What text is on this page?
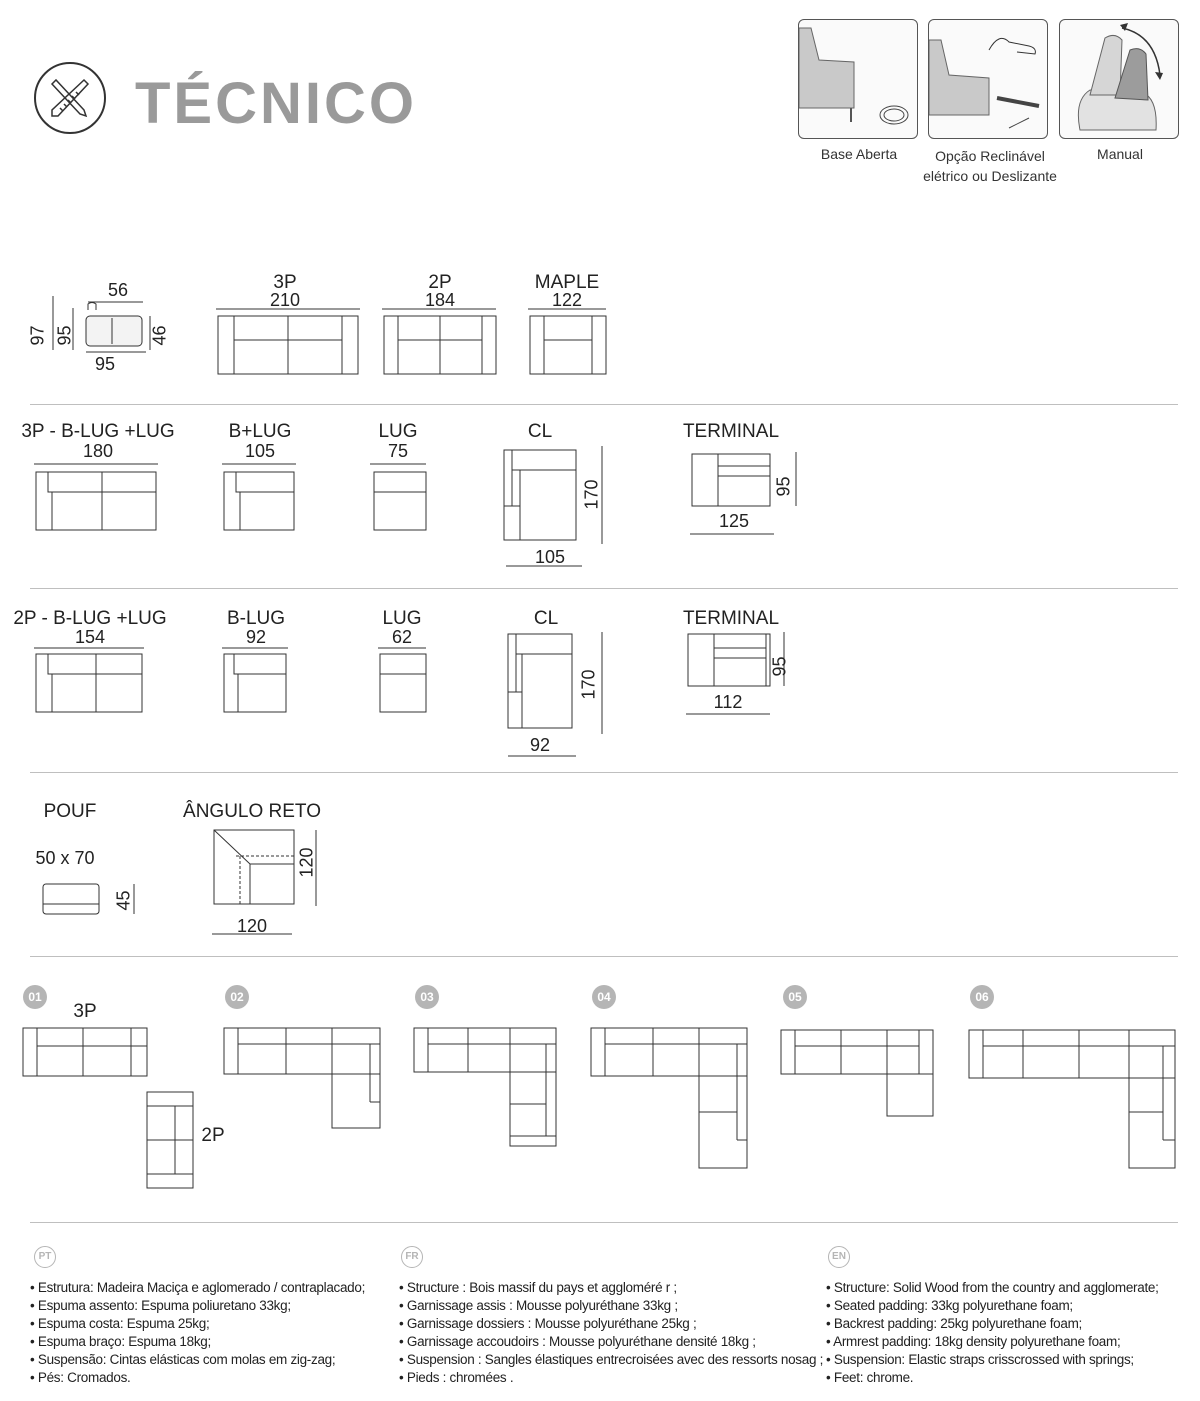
TÉCNICO
Base Aberta	Opção Reclinável
elétrico ou Deslizante
Manual
56
97 95	46
95
3P
210
2P
184
MAPLE
122
3P - B-LUG +LUG
180
B+LUG
105
LUG
75
CL
170
105
TERMINAL
95
125
2P - B-LUG +LUG
154
B-LUG
92
LUG
62
CL
170
92
TERMINAL
95
112
POUF
50 x 70
45
ÂNGULO RETO
120
120
01	02	03	04	05	06
3P
2P
PT	FR	EN
• Estrutura: Madeira Maciça e aglomerado / contraplacado;
• Espuma assento: Espuma poliuretano 33kg;
• Espuma costa: Espuma 25kg;
• Espuma braço: Espuma 18kg;
• Suspensão: Cintas elásticas com molas em zig-zag;
• Pés: Cromados.
• Structure : Bois massif du pays et aggloméré r ;
• Garnissage assis : Mousse polyuréthane 33kg ;
• Garnissage dossiers : Mousse polyuréthane 25kg ;
• Garnissage accoudoirs : Mousse polyuréthane densité 18kg ;
• Suspension : Sangles élastiques entrecroisées avec des ressorts nosag ;
• Pieds : chromées .
• Structure: Solid Wood from the country and agglomerate;
• Seated padding: 33kg polyurethane foam;
• Backrest padding: 25kg polyurethane foam;
• Armrest padding: 18kg density polyurethane foam;
• Suspension: Elastic straps crisscrossed with springs;
• Feet: chrome.
